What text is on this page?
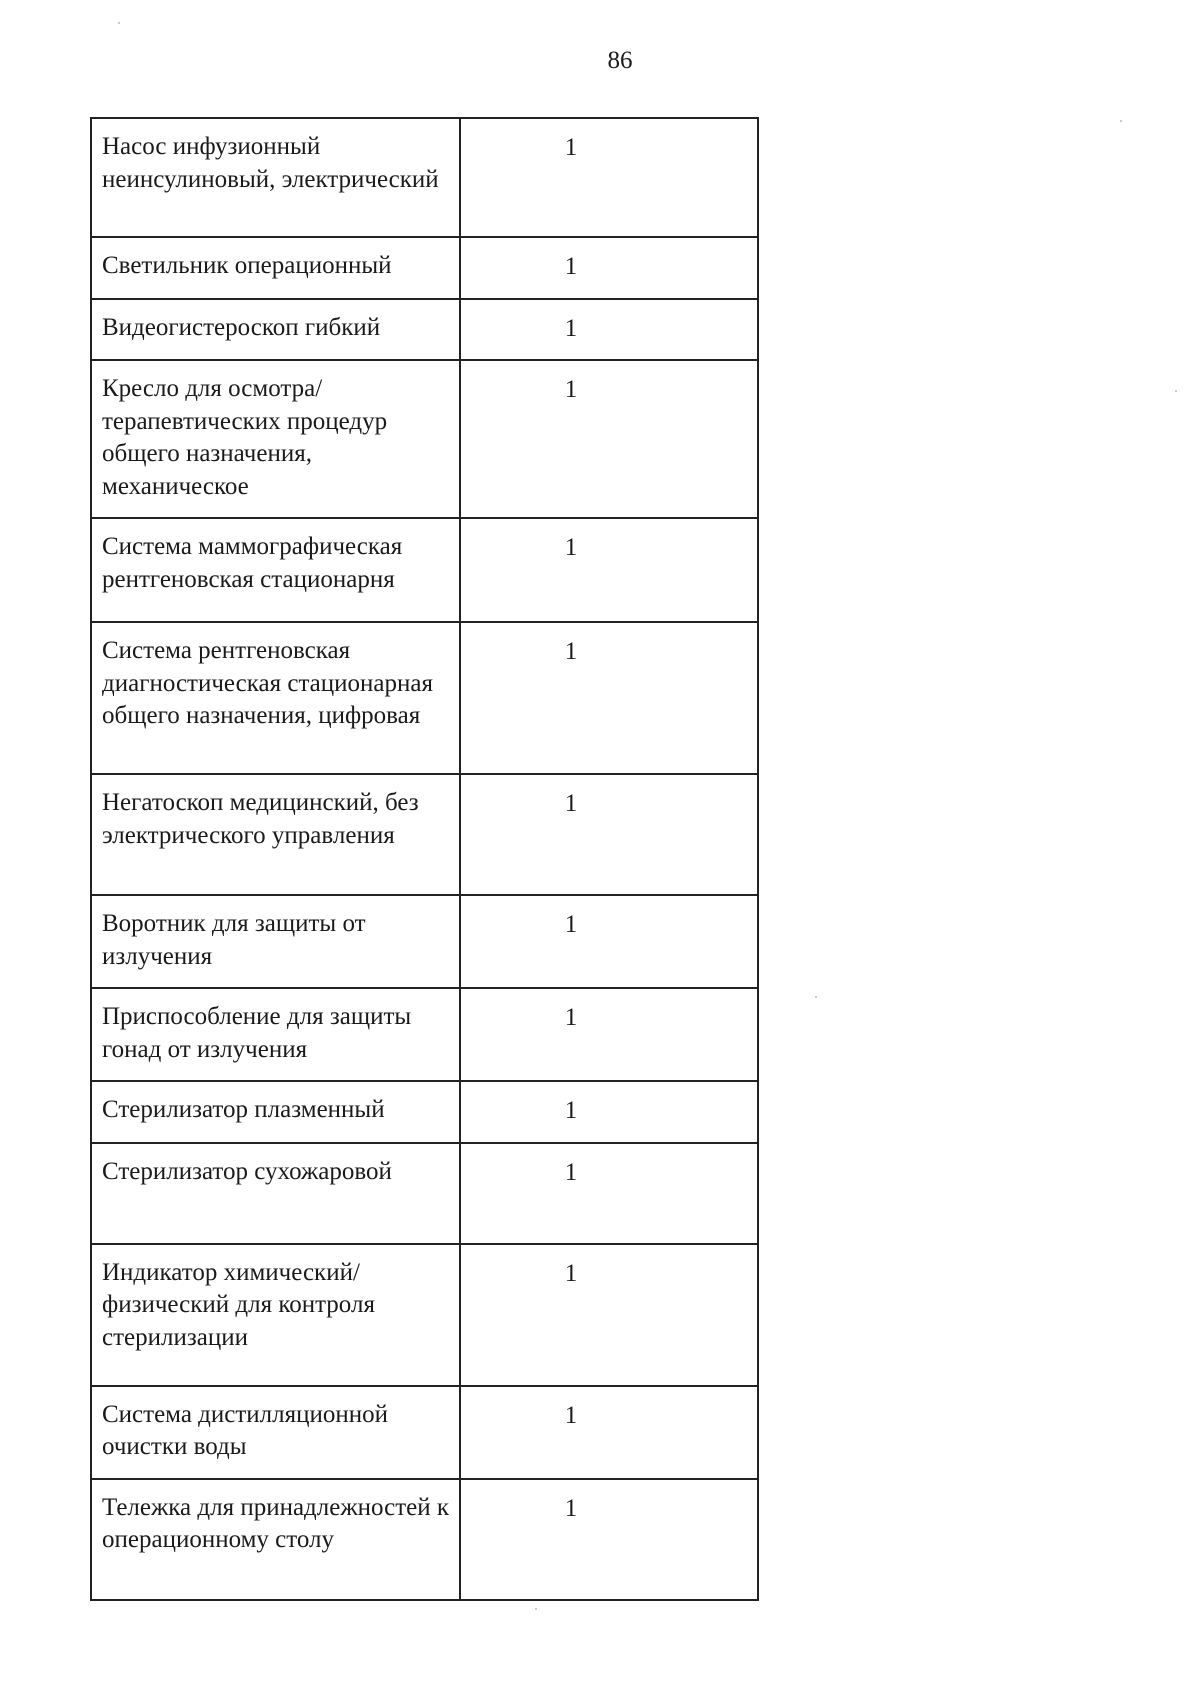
86
Насос инфузионный неинсулиновый, электрический	1
Светильник операционный	1
Видеогистероскоп гибкий	1
Кресло для осмотра/терапевтических процедур общего назначения, механическое	1
Система маммографическая рентгеновская стационарня	1
Система рентгеновская диагностическая стационарная общего назначения, цифровая	1
Негатоскоп медицинский, без электрического управления	1
Воротник для защиты от излучения	1
Приспособление для защиты гонад от излучения	1
Стерилизатор плазменный	1
Стерилизатор сухожаровой	1
Индикатор химический/физический для контроля стерилизации	1
Система дистилляционной очистки воды	1
Тележка для принадлежностей к операционному столу	1
